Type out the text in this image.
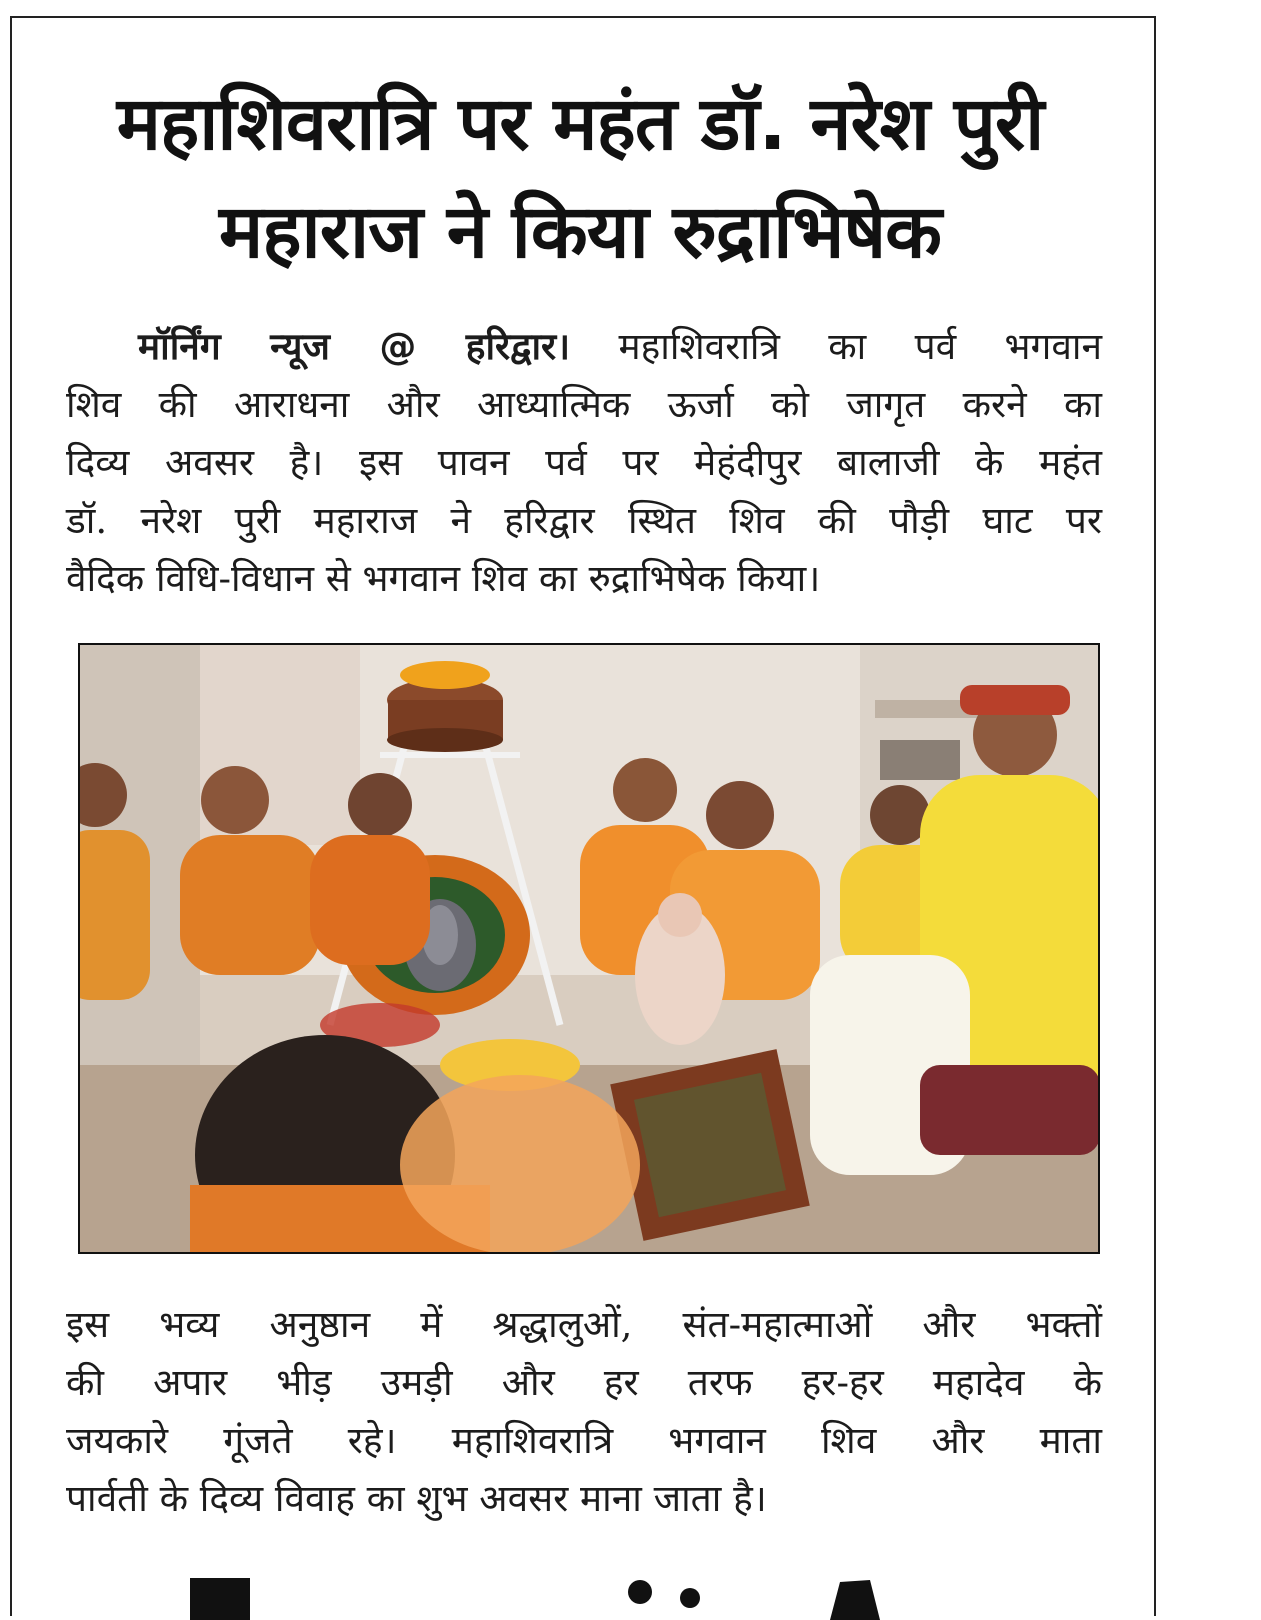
महाशिवरात्रि पर महंत डॉ. नरेश पुरी
महाराज ने किया रुद्राभिषेक
मॉर्निंग न्यूज @ हरिद्वार। महाशिवरात्रि का पर्व भगवान
शिव की आराधना और आध्यात्मिक ऊर्जा को जागृत करने का
दिव्य अवसर है। इस पावन पर्व पर मेहंदीपुर बालाजी के महंत
डॉ. नरेश पुरी महाराज ने हरिद्वार स्थित शिव की पौड़ी घाट पर
वैदिक विधि-विधान से भगवान शिव का रुद्राभिषेक किया।
इस भव्य अनुष्ठान में श्रद्धालुओं, संत-महात्माओं और भक्तों
की अपार भीड़ उमड़ी और हर तरफ हर-हर महादेव के
जयकारे गूंजते रहे। महाशिवरात्रि भगवान शिव और माता
पार्वती के दिव्य विवाह का शुभ अवसर माना जाता है।
